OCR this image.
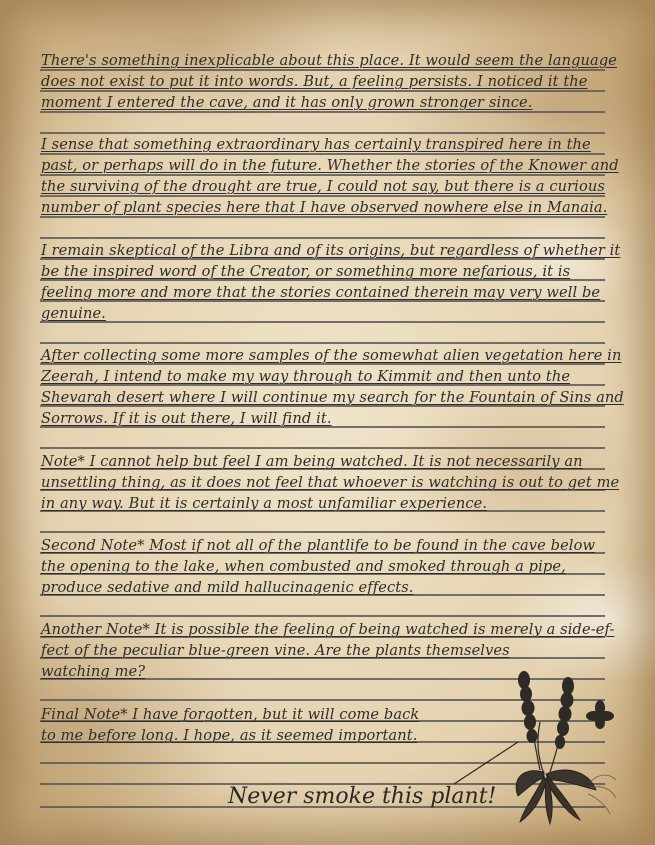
There's something inexplicable about this place. It would seem the language
does not exist to put it into words. But, a feeling persists. I noticed it the
moment I entered the cave, and it has only grown stronger since.
I sense that something extraordinary has certainly transpired here in the
past, or perhaps will do in the future. Whether the stories of the Knower and
the surviving of the drought are true, I could not say, but there is a curious
number of plant species here that I have observed nowhere else in Manaia.
I remain skeptical of the Libra and of its origins, but regardless of whether it
be the inspired word of the Creator, or something more nefarious, it is
feeling more and more that the stories contained therein may very well be
genuine.
After collecting some more samples of the somewhat alien vegetation here in
Zeerah, I intend to make my way through to Kimmit and then unto the
Shevarah desert where I will continue my search for the Fountain of Sins and
Sorrows. If it is out there, I will find it.
Note* I cannot help but feel I am being watched. It is not necessarily an
unsettling thing, as it does not feel that whoever is watching is out to get me
in any way. But it is certainly a most unfamiliar experience.
Second Note* Most if not all of the plantlife to be found in the cave below
the opening to the lake, when combusted and smoked through a pipe,
produce sedative and mild hallucinagenic effects.
Another Note* It is possible the feeling of being watched is merely a side-ef-
fect of the peculiar blue-green vine. Are the plants themselves
watching me?
Final Note* I have forgotten, but it will come back
to me before long. I hope, as it seemed important.
Never smoke this plant!
